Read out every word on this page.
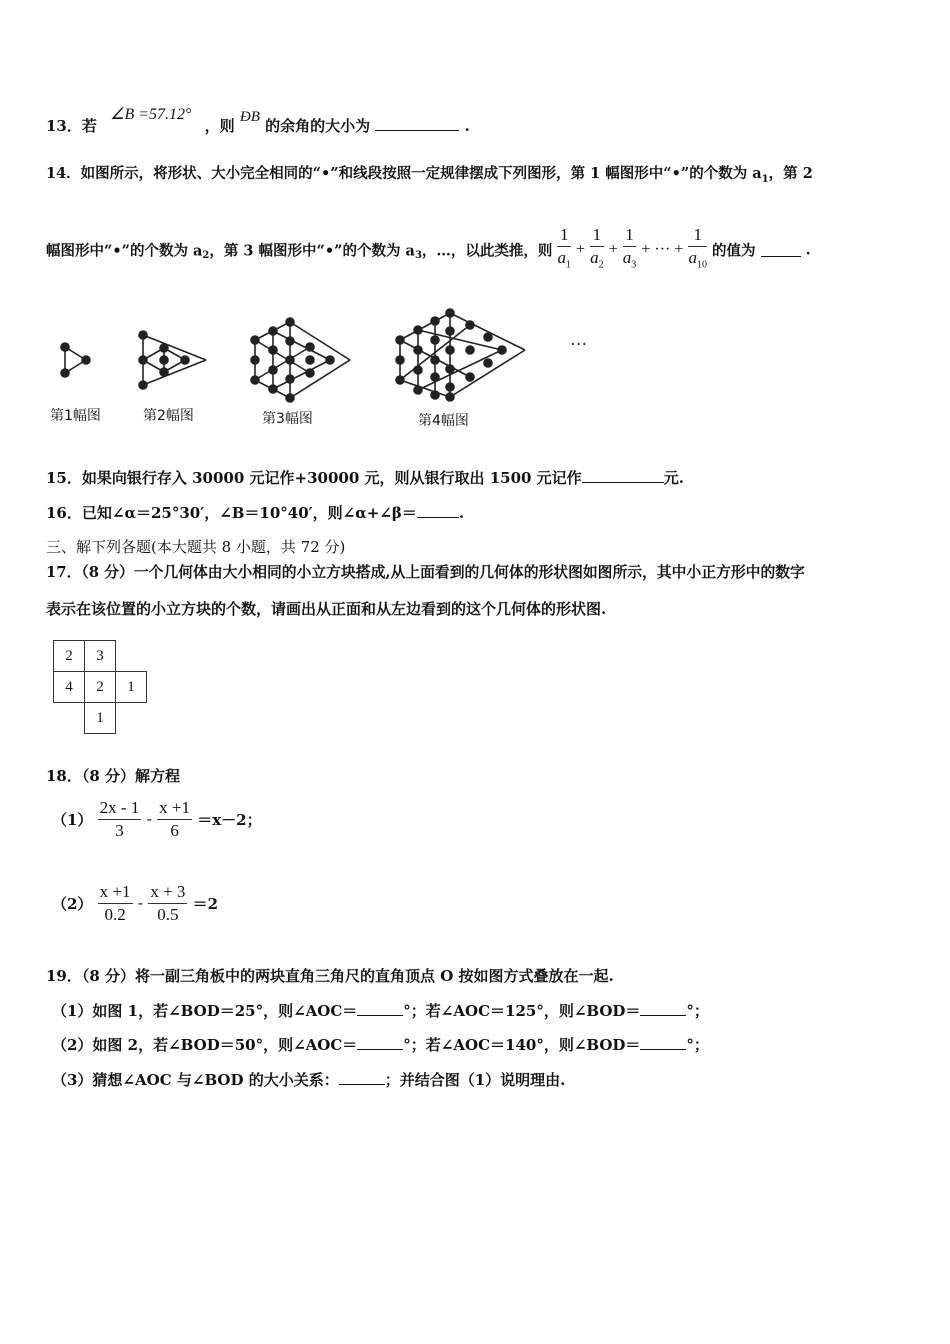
13．若 ∠B =57.12° ，则 ÐB 的余角的大小为	.
14．如图所示，将形状、大小完全相同的“•”和线段按照一定规律摆成下列图形，第 1 幅图形中“•”的个数为 $a_1$，第 2
幅图形中“•”的个数为 $a_2$，第 3 幅图形中“•”的个数为 $a_3$，…，以此类推，则 $\frac{1}{a_1} + \frac{1}{a_2} + \frac{1}{a_3}$ + ··· + $\frac{1}{a_{10}}$ 的值为	.
···
第1幅图	第2幅图	第3幅图	第4幅图
15．如果向银行存入 30000 元记作+30000 元，则从银行取出 1500 元记作	元.
16．已知∠α＝25°30′，∠B＝10°40′，则∠α+∠β＝	.
三、解下列各题(本大题共 8 小题，共 72 分)
17．（8 分）一个几何体由大小相同的小立方块搭成,从上面看到的几何体的形状图如图所示，其中小正方形中的数字
表示在该位置的小立方块的个数，请画出从正面和从左边看到的这个几何体的形状图.
2	3	
4	2	1
	1	
18．（8 分）解方程
$(1) \frac{2x - 1}{3} - \frac{x +1}{6} =x-2$；
$(2) \frac{x +1}{0.2} - \frac{x + 3}{0.5} =2$
19．（8 分）将一副三角板中的两块直角三角尺的直角顶点 O 按如图方式叠放在一起.
（1）如图 1，若∠BOD＝25°，则∠AOC＝	°；若∠AOC＝125°，则∠BOD＝	°；
（2）如图 2，若∠BOD＝50°，则∠AOC＝	°；若∠AOC＝140°，则∠BOD＝	°；
（3）猜想∠AOC 与∠BOD 的大小关系：	；并结合图（1）说明理由.
